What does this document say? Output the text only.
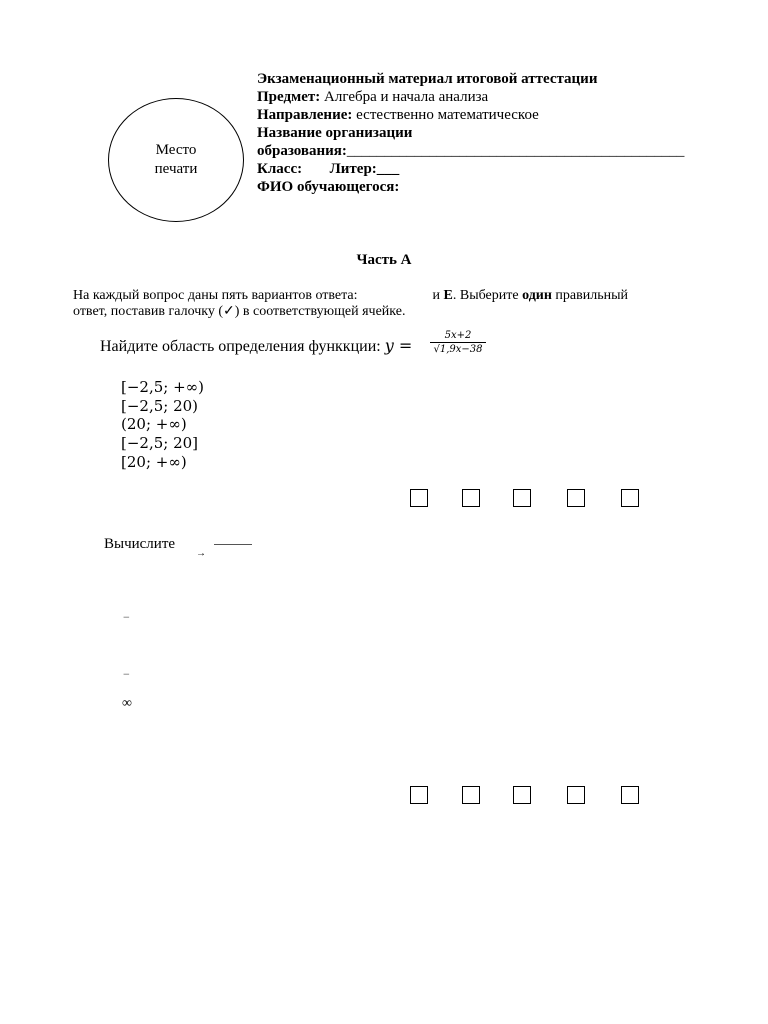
Место
печати
Экзаменационный материал итоговой аттестации
Предмет: Алгебра и начала анализа
Направление: естественно математическое
Название организации
образования:_____________________________________________
Класс: Литер:___
ФИО обучающегося:
Часть А
На каждый вопрос даны пять вариантов ответа:	и Е. Выберите один правильный
ответ, поставив галочку (✓) в соответствующей ячейке.
Найдите область определения функкции: y =
5x+2
√1,9x−38
[−2,5; +∞)
[−2,5; 20)
(20; +∞)
[−2,5; 20]
[20; +∞)
Вычислите
→
−
−
∞
